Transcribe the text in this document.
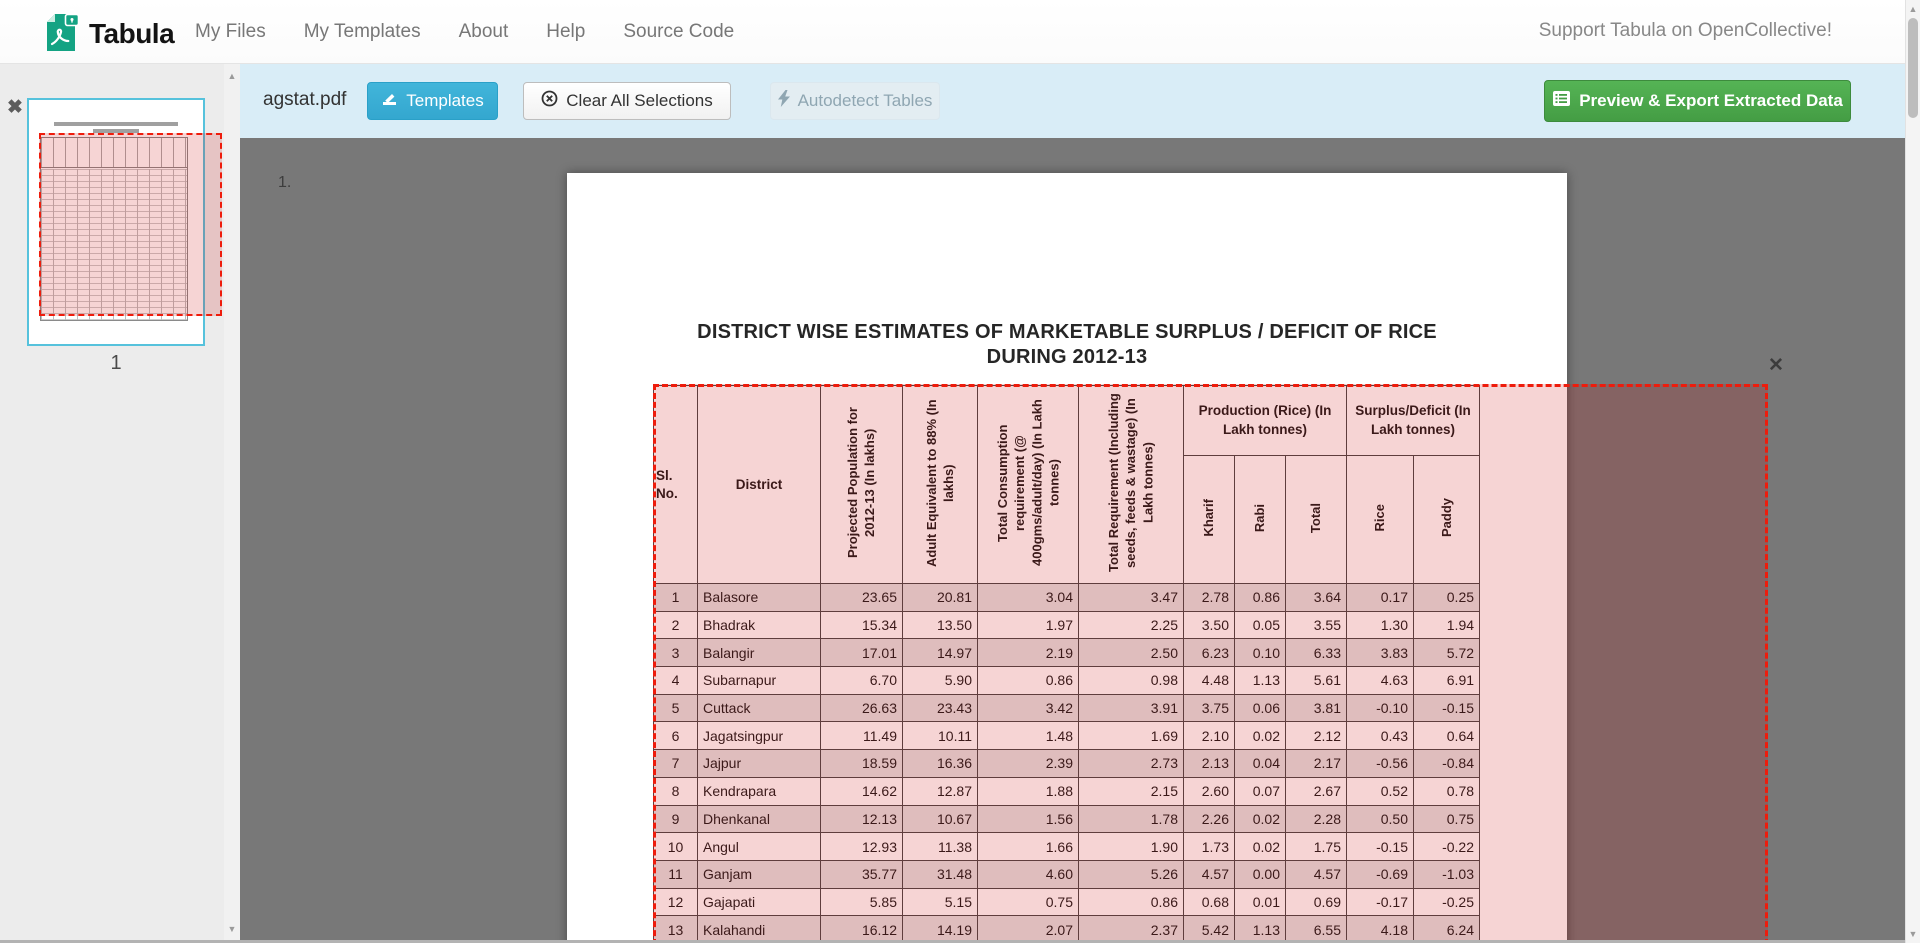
Tabula My Files My Templates About Help Source Code	Support Tabula on OpenCollective!
agstat.pdf	Templates	Clear All Selections	Autodetect Tables	Preview & Export Extracted Data
✖
1
▲
▼
1.
DISTRICT WISE ESTIMATES OF MARKETABLE SURPLUS / DEFICIT OF RICE
DURING 2012-13
Sl. No.	District	Projected Population for 2012-13 (In lakhs)	Adult Equivalent to 88% (In lakhs)	Total Consumption requirement (@ 400gms/adult/day) (In Lakh tonnes)	Total Requirement (Including seeds, feeds & wastage) (In Lakh tonnes)	Production (Rice) (In Lakh tonnes)			Surplus/Deficit (In Lakh tonnes)	
						Kharif	Rabi	Total	Rice	Paddy
1	Balasore	23.65	20.81	3.04	3.47	2.78	0.86	3.64	0.17	0.25
2	Bhadrak	15.34	13.50	1.97	2.25	3.50	0.05	3.55	1.30	1.94
3	Balangir	17.01	14.97	2.19	2.50	6.23	0.10	6.33	3.83	5.72
4	Subarnapur	6.70	5.90	0.86	0.98	4.48	1.13	5.61	4.63	6.91
5	Cuttack	26.63	23.43	3.42	3.91	3.75	0.06	3.81	-0.10	-0.15
6	Jagatsingpur	11.49	10.11	1.48	1.69	2.10	0.02	2.12	0.43	0.64
7	Jajpur	18.59	16.36	2.39	2.73	2.13	0.04	2.17	-0.56	-0.84
8	Kendrapara	14.62	12.87	1.88	2.15	2.60	0.07	2.67	0.52	0.78
9	Dhenkanal	12.13	10.67	1.56	1.78	2.26	0.02	2.28	0.50	0.75
10	Angul	12.93	11.38	1.66	1.90	1.73	0.02	1.75	-0.15	-0.22
11	Ganjam	35.77	31.48	4.60	5.26	4.57	0.00	4.57	-0.69	-1.03
12	Gajapati	5.85	5.15	0.75	0.86	0.68	0.01	0.69	-0.17	-0.25
13	Kalahandi	16.12	14.19	2.07	2.37	5.42	1.13	6.55	4.18	6.24
✕
▲
▼
